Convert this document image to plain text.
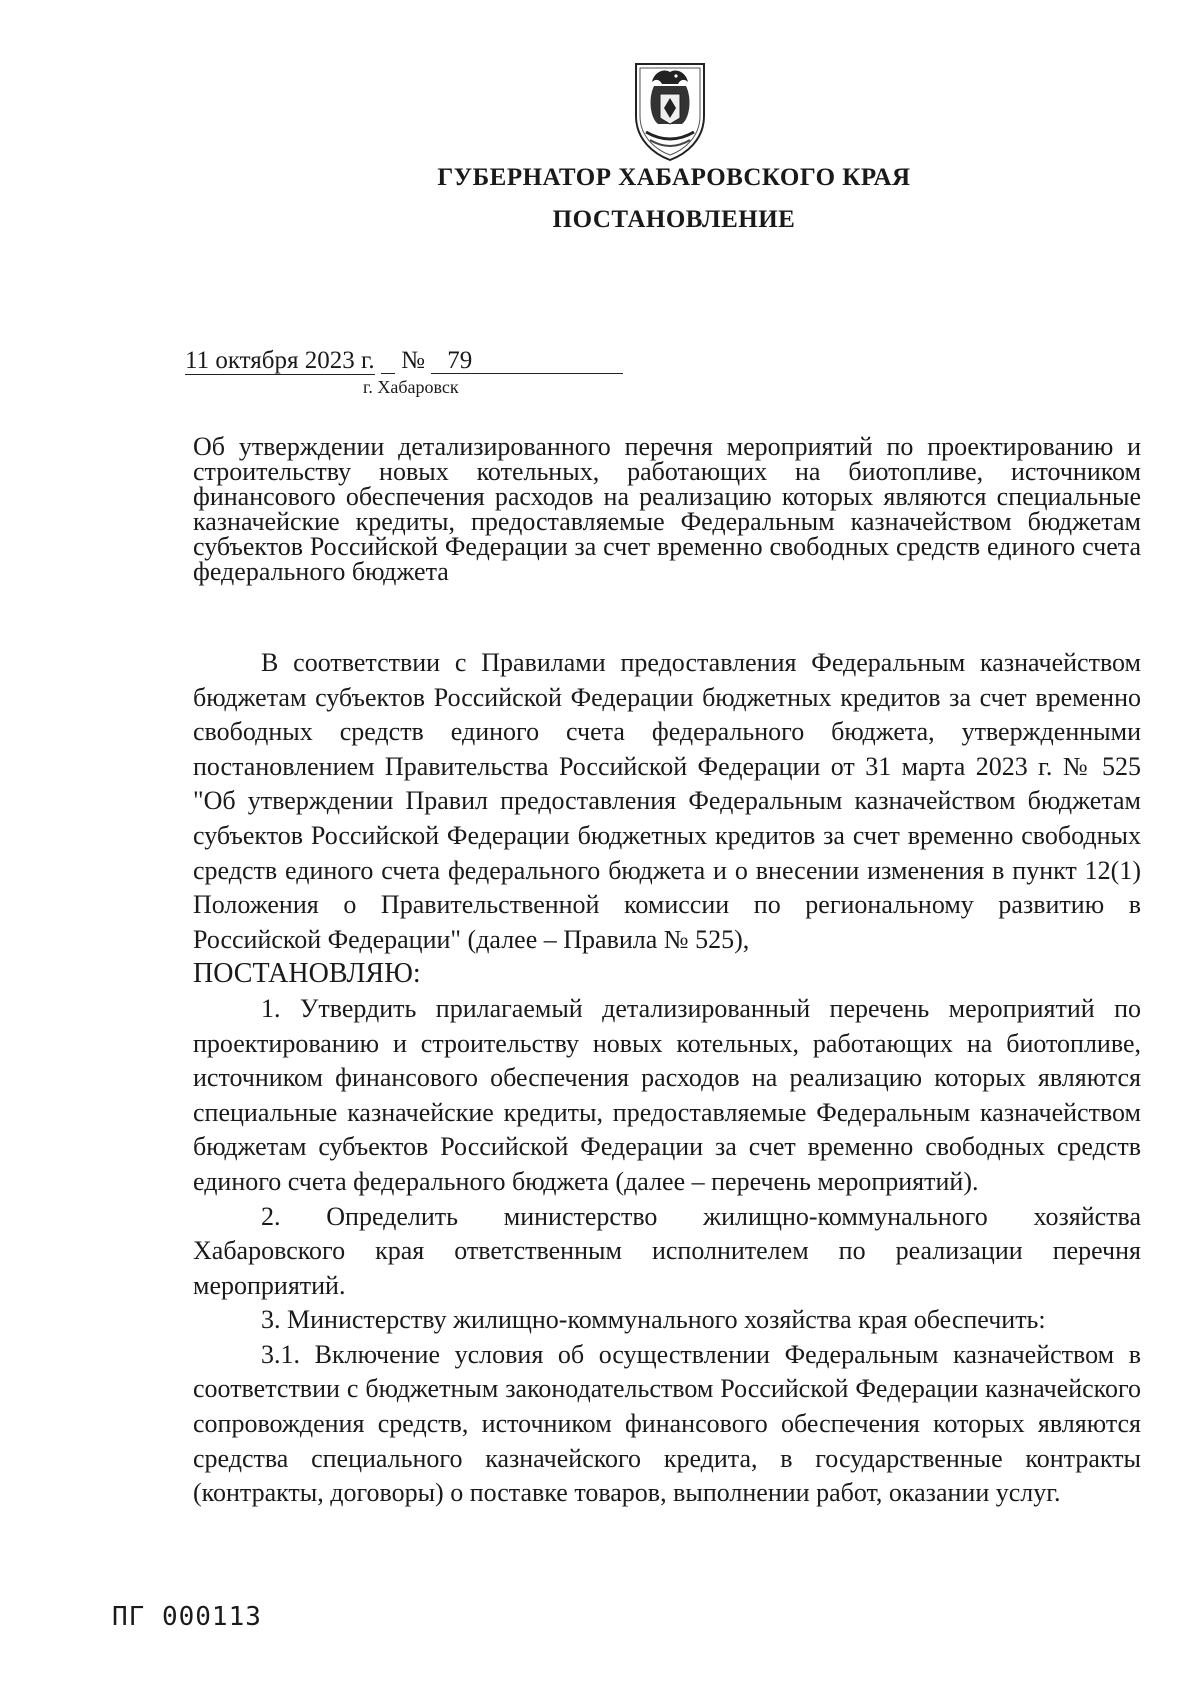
ГУБЕРНАТОР ХАБАРОВСКОГО КРАЯ
ПОСТАНОВЛЕНИЕ
11 октября 2023 г. № 79
г. Хабаровск
Об утверждении детализированного перечня мероприятий по проектированию и строительству новых котельных, работающих на биотопливе, источником финансового обеспечения расходов на реализацию которых являются специальные казначейские кредиты, предоставляемые Федеральным казначейством бюджетам субъектов Российской Федерации за счет временно свободных средств единого счета федерального бюджета

В соответствии с Правилами предоставления Федеральным казначейством бюджетам субъектов Российской Федерации бюджетных кредитов за счет временно свободных средств единого счета федерального бюджета, утвержденными постановлением Правительства Российской Федерации от 31 марта 2023 г. № 525 "Об утверждении Правил предоставления Федеральным казначейством бюджетам субъектов Российской Федерации бюджетных кредитов за счет временно свободных средств единого счета федерального бюджета и о внесении изменения в пункт 12(1) Положения о Правительственной комиссии по региональному развитию в Российской Федерации" (далее – Правила № 525),

ПОСТАНОВЛЯЮ:

1. Утвердить прилагаемый детализированный перечень мероприятий по проектированию и строительству новых котельных, работающих на биотопливе, источником финансового обеспечения расходов на реализацию которых являются специальные казначейские кредиты, предоставляемые Федеральным казначейством бюджетам субъектов Российской Федерации за счет временно свободных средств единого счета федерального бюджета (далее – перечень мероприятий).

2. Определить министерство жилищно-коммунального хозяйства Хабаровского края ответственным исполнителем по реализации перечня мероприятий.

3. Министерству жилищно-коммунального хозяйства края обеспечить:

3.1. Включение условия об осуществлении Федеральным казначейством в соответствии с бюджетным законодательством Российской Федерации казначейского сопровождения средств, источником финансового обеспечения которых являются средства специального казначейского кредита, в государственные контракты (контракты, договоры) о поставке товаров, выполнении работ, оказании услуг.

ПГ 000113
